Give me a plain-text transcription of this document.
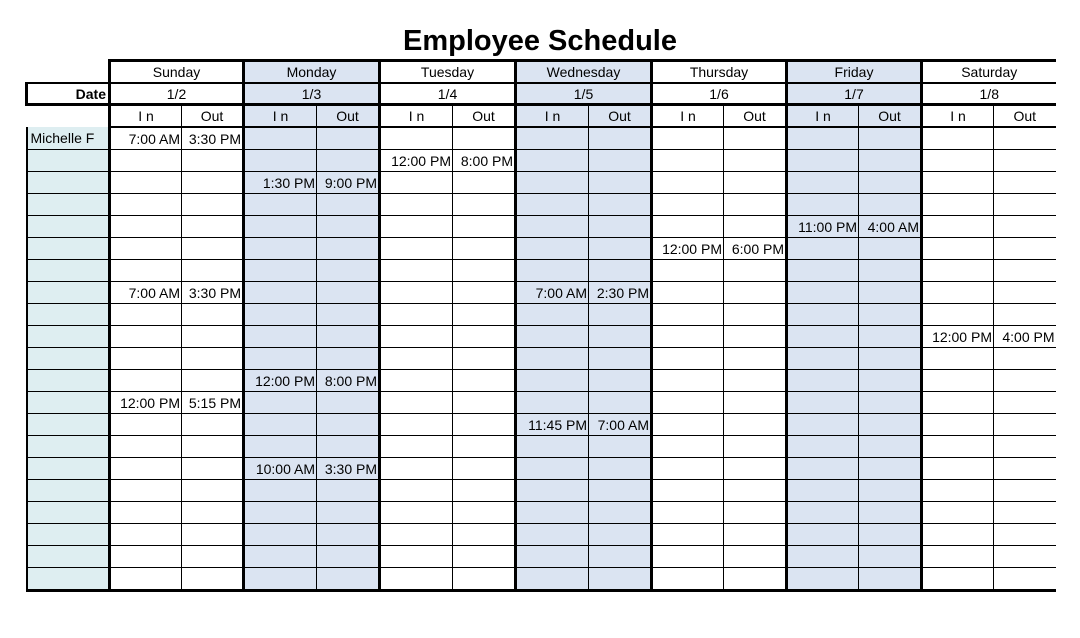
Employee Schedule
	Sunday		Monday		Tuesday		Wednesday		Thursday		Friday		Saturday	
Date	1/2		1/3		1/4		1/5		1/6		1/7		1/8	
	I n	Out	I n	Out	I n	Out	I n	Out	I n	Out	I n	Out	I n	Out
Michelle F	7:00 AM	3:30 PM												
					12:00 PM	8:00 PM								
			1:30 PM	9:00 PM										

											11:00 PM	4:00 AM		
									12:00 PM	6:00 PM				

	7:00 AM	3:30 PM					7:00 AM	2:30 PM						

													12:00 PM	4:00 PM

			12:00 PM	8:00 PM										
	12:00 PM	5:15 PM												
							11:45 PM	7:00 AM						

			10:00 AM	3:30 PM										
